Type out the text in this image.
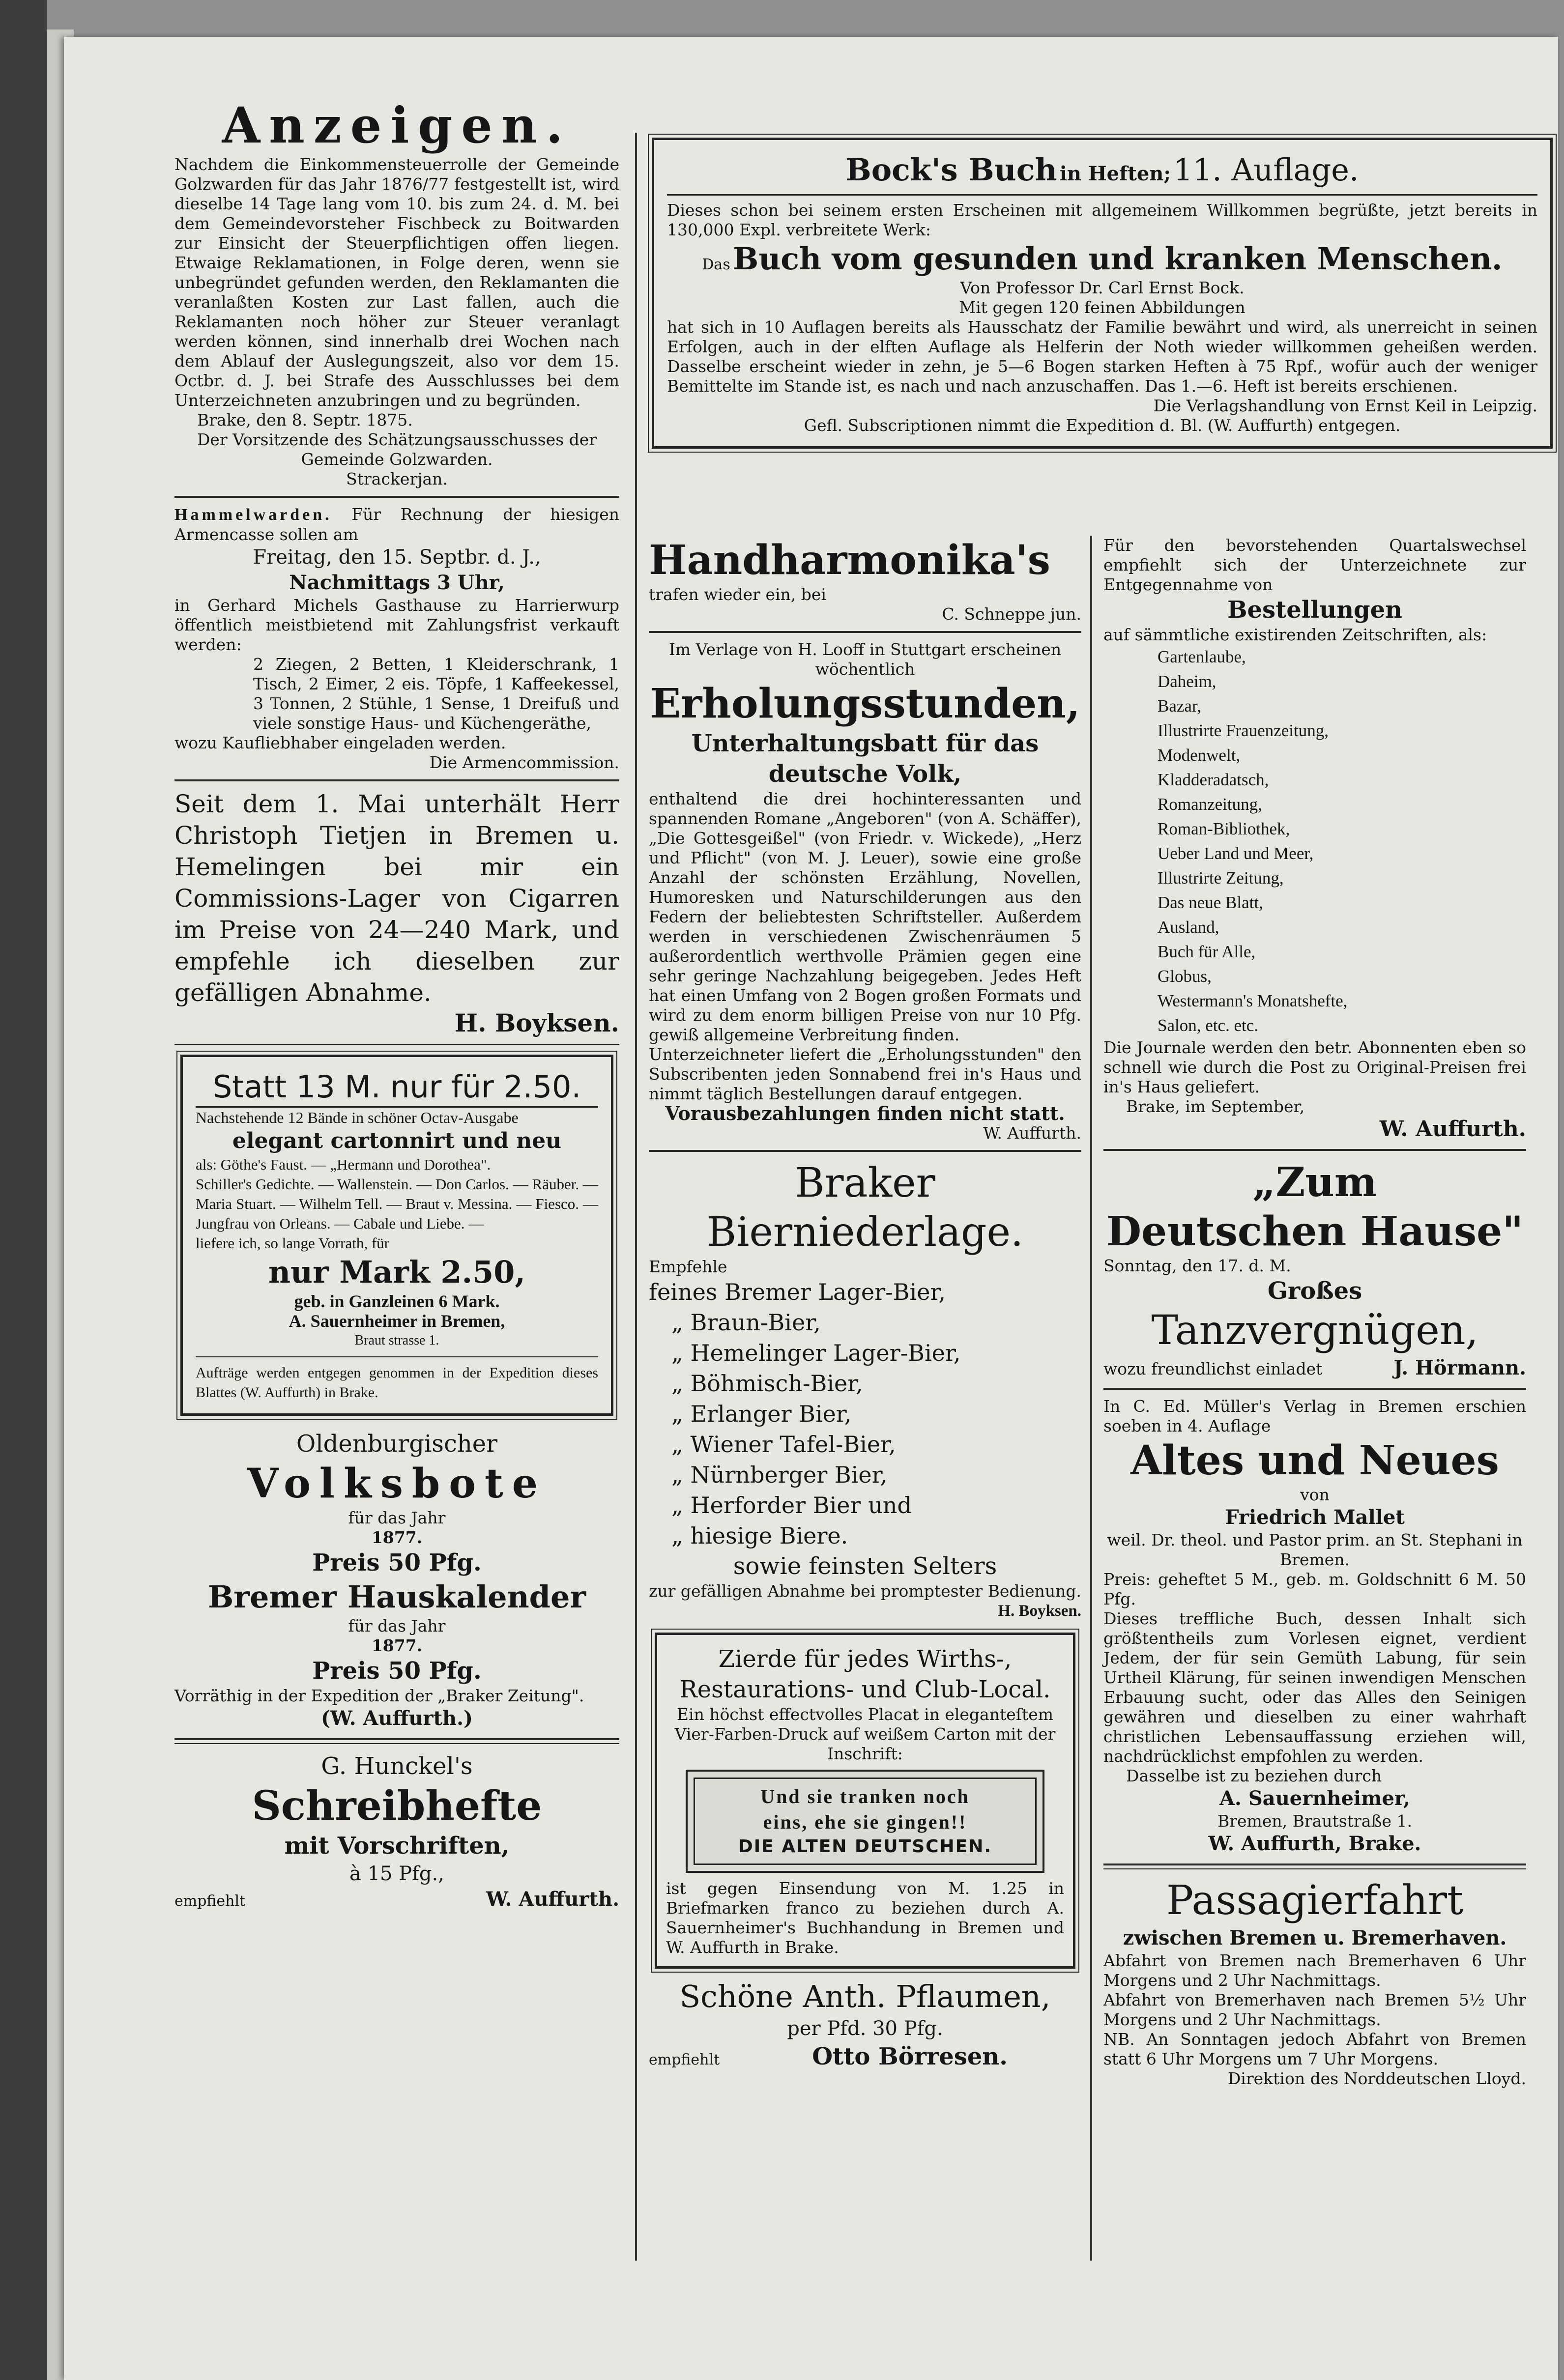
Anzeigen.

Nachdem die Einkommensteuerrolle der Gemeinde Golzwarden für das Jahr 1876/77 festgestellt ist, wird dieselbe 14 Tage lang vom 10. bis zum 24. d. M. bei dem Gemeindevorsteher Fischbeck zu Boitwarden zur Einsicht der Steuerpflichtigen offen liegen. Etwaige Reklamationen, in Folge deren, wenn sie unbegründet gefunden werden, den Reklamanten die veranlaßten Kosten zur Last fallen, auch die Reklamanten noch höher zur Steuer veranlagt werden können, sind innerhalb drei Wochen nach dem Ablauf der Auslegungszeit, also vor dem 15. Octbr. d. J. bei Strafe des Ausschlusses bei dem Unterzeichneten anzubringen und zu begründen.

Brake, den 8. Septr. 1875.

Der Vorsitzende des Schätzungsausschusses der Gemeinde Golzwarden.

Strackerjan.

Hammelwarden. Für Rechnung der hiesigen Armencasse sollen am

Freitag, den 15. Septbr. d. J.,
Nachmittags 3 Uhr,

in Gerhard Michels Gasthause zu Harrierwurp öffentlich meistbietend mit Zahlungsfrist verkauft werden:

2 Ziegen, 2 Betten, 1 Kleiderschrank, 1 Tisch, 2 Eimer, 2 eis. Töpfe, 1 Kaffeekessel, 3 Tonnen, 2 Stühle, 1 Sense, 1 Dreifuß und viele sonstige Haus- und Küchengeräthe,

wozu Kaufliebhaber eingeladen werden.

Die Armencommission.

Seit dem 1. Mai unterhält Herr Christoph Tietjen in Bremen u. Hemelingen bei mir ein Commissions-Lager von Cigarren im Preise von 24—240 Mark, und empfehle ich dieselben zur gefälligen Abnahme.

H. Boyksen.

Statt 13 M. nur für 2.50.

Nachstehende 12 Bände in schöner Octav-Ausgabe

elegant cartonnirt und neu

als: Göthe's Faust. — „Hermann und Dorothea".

Schiller's Gedichte. — Wallenstein. — Don Carlos. — Räuber. — Maria Stuart. — Wilhelm Tell. — Braut v. Messina. — Fiesco. — Jungfrau von Orleans. — Cabale und Liebe. —

liefere ich, so lange Vorrath, für

nur Mark 2.50,

geb. in Ganzleinen 6 Mark.

A. Sauernheimer in Bremen,

Braut strasse 1.

Aufträge werden entgegen genommen in der Expedition dieses Blattes (W. Auffurth) in Brake.

Oldenburgischer
Volksbote

für das Jahr

1877.

Preis 50 Pfg.
Bremer Hauskalender

für das Jahr

1877.

Preis 50 Pfg.

Vorräthig in der Expedition der „Braker Zeitung".

(W. Auffurth.)
G. Hunckel's
Schreibhefte
mit Vorschriften,
à 15 Pfg.,
empfiehlt	W. Auffurth.
Bock's Buch in Heften; 11. Auflage.

Dieses schon bei seinem ersten Erscheinen mit allgemeinem Willkommen begrüßte, jetzt bereits in 130,000 Expl. verbreitete Werk:

Das Buch vom gesunden und kranken Menschen.

Von Professor Dr. Carl Ernst Bock.

Mit gegen 120 feinen Abbildungen

hat sich in 10 Auflagen bereits als Hausschatz der Familie bewährt und wird, als unerreicht in seinen Erfolgen, auch in der elften Auflage als Helferin der Noth wieder willkommen geheißen werden. Dasselbe erscheint wieder in zehn, je 5—6 Bogen starken Heften à 75 Rpf., wofür auch der weniger Bemittelte im Stande ist, es nach und nach anzuschaffen. Das 1.—6. Heft ist bereits erschienen.

Die Verlagshandlung von Ernst Keil in Leipzig.

Gefl. Subscriptionen nimmt die Expedition d. Bl. (W. Auffurth) entgegen.

Handharmonika's

trafen wieder ein, bei

C. Schneppe jun.

Im Verlage von H. Looff in Stuttgart erscheinen wöchentlich

Erholungsstunden,
Unterhaltungsbatt für das
deutsche Volk,

enthaltend die drei hochinteressanten und spannenden Romane „Angeboren" (von A. Schäffer), „Die Gottesgeißel" (von Friedr. v. Wickede), „Herz und Pflicht" (von M. J. Leuer), sowie eine große Anzahl der schönsten Erzählung, Novellen, Humoresken und Naturschilderungen aus den Federn der beliebtesten Schriftsteller. Außerdem werden in verschiedenen Zwischenräumen 5 außerordentlich werthvolle Prämien gegen eine sehr geringe Nachzahlung beigegeben. Jedes Heft hat einen Umfang von 2 Bogen großen Formats und wird zu dem enorm billigen Preise von nur 10 Pfg. gewiß allgemeine Verbreitung finden.

Unterzeichneter liefert die „Erholungsstunden" den Subscribenten jeden Sonnabend frei in's Haus und nimmt täglich Bestellungen darauf entgegen.

Vorausbezahlungen finden nicht statt.

W. Auffurth.

Braker Bierniederlage.

Empfehle

feines Bremer Lager-Bier,

„ Braun-Bier,

„ Hemelinger Lager-Bier,

„ Böhmisch-Bier,

„ Erlanger Bier,

„ Wiener Tafel-Bier,

„ Nürnberger Bier,

„ Herforder Bier und

„ hiesige Biere.

sowie feinsten Selters

zur gefälligen Abnahme bei promptester Bedienung.

H. Boyksen.

Zierde für jedes Wirths-, Restaurations- und Club-Local.

Ein höchst effectvolles Placat in eleganteſtem Vier-Farben-Druck auf weißem Carton mit der Inschrift:

Und sie tranken noch
eins, ehe sie gingen!!
DIE ALTEN DEUTSCHEN.

ist gegen Einsendung von M. 1.25 in Briefmarken franco zu beziehen durch A. Sauernheimer's Buchhandung in Bremen und W. Auffurth in Brake.

Schöne Anth. Pflaumen,
per Pfd. 30 Pfg.
empfiehlt	Otto Börresen.

Für den bevorstehenden Quartalswechsel empfiehlt sich der Unterzeichnete zur Entgegennahme von

Bestellungen

auf sämmtliche existirenden Zeitschriften, als:

Gartenlaube,

Daheim,

Bazar,

Illustrirte Frauenzeitung,

Modenwelt,

Kladderadatsch,

Romanzeitung,

Roman-Bibliothek,

Ueber Land und Meer,

Illustrirte Zeitung,

Das neue Blatt,

Ausland,

Buch für Alle,

Globus,

Westermann's Monatshefte,

Salon, etc. etc.

Die Journale werden den betr. Abonnenten eben so schnell wie durch die Post zu Original-Preisen frei in's Haus geliefert.

Brake, im September,

W. Auffurth.

„Zum
Deutschen Hause"

Sonntag, den 17. d. M.

Großes
Tanzvergnügen,
wozu freundlichst einladet	J. Hörmann.

In C. Ed. Müller's Verlag in Bremen erschien soeben in 4. Auflage

Altes und Neues

von

Friedrich Mallet

weil. Dr. theol. und Pastor prim. an St. Stephani in Bremen.

Preis: geheftet 5 M., geb. m. Goldschnitt 6 M. 50 Pfg.

Dieses treffliche Buch, dessen Inhalt sich größtentheils zum Vorlesen eignet, verdient Jedem, der für sein Gemüth Labung, für sein Urtheil Klärung, für seinen inwendigen Menschen Erbauung sucht, oder das Alles den Seinigen gewähren und dieselben zu einer wahrhaft christlichen Lebensauffassung erziehen will, nachdrücklichst empfohlen zu werden.

Dasselbe ist zu beziehen durch

A. Sauernheimer,

Bremen, Brautstraße 1.

W. Auffurth, Brake.
Passagierfahrt
zwischen Bremen u. Bremerhaven.

Abfahrt von Bremen nach Bremerhaven 6 Uhr Morgens und 2 Uhr Nachmittags.

Abfahrt von Bremerhaven nach Bremen 5½ Uhr Morgens und 2 Uhr Nachmittags.

NB. An Sonntagen jedoch Abfahrt von Bremen statt 6 Uhr Morgens um 7 Uhr Morgens.

Direktion des Norddeutschen Lloyd.
